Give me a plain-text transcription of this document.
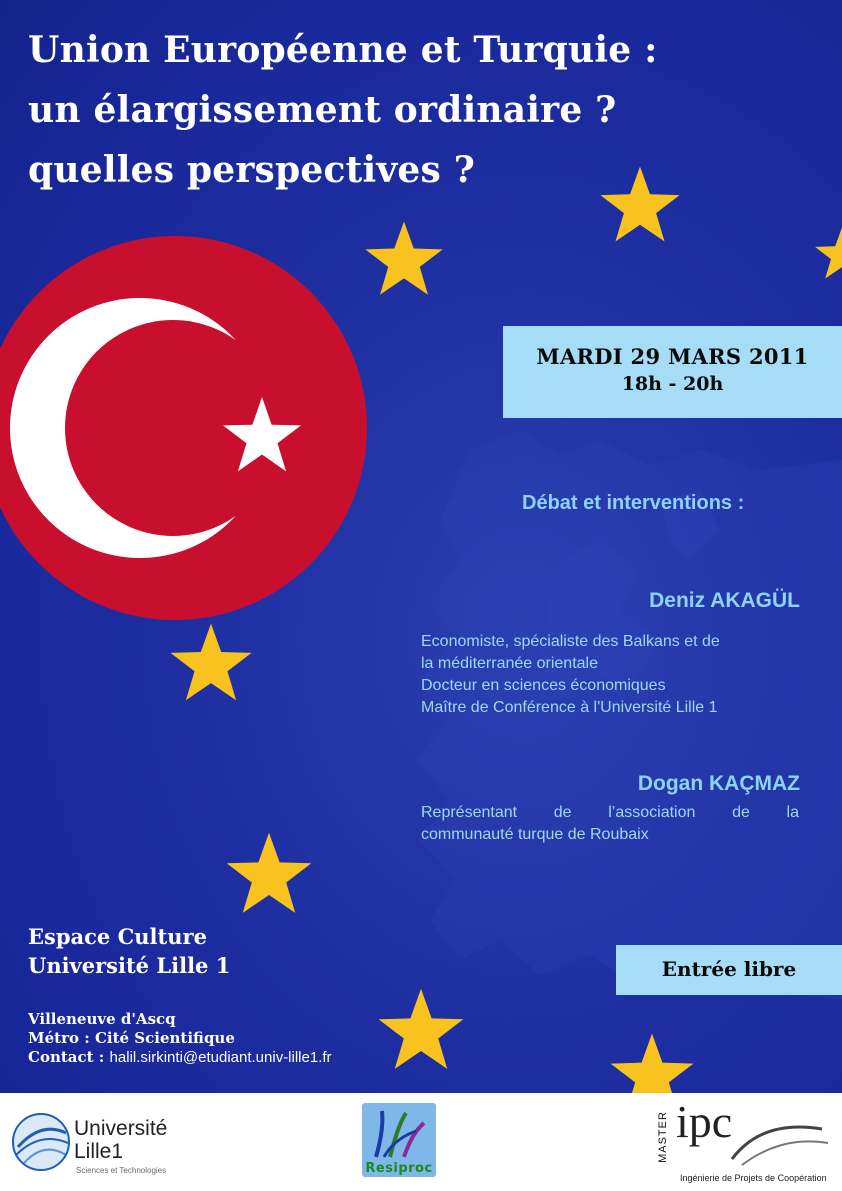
Union Européenne et Turquie :
un élargissement ordinaire ?
quelles perspectives ?
MARDI 29 MARS 2011
18h - 20h
Débat et interventions :
Deniz AKAGÜL
Economiste, spécialiste des Balkans et de
la méditerranée orientale
Docteur en sciences économiques
Maître de Conférence à l'Université Lille 1
Dogan KAÇMAZ
Représentant de l’association de la
communauté turque de Roubaix

Espace Culture
Université Lille 1	Entrée libre

Villeneuve d'Ascq
Métro : Cité Scientifique
Contact : halil.sirkinti@etudiant.univ-lille1.fr

Université
Lille1
Sciences et Technologies	Resiproc
MASTER ipc
Ingénierie de Projets de Coopération
